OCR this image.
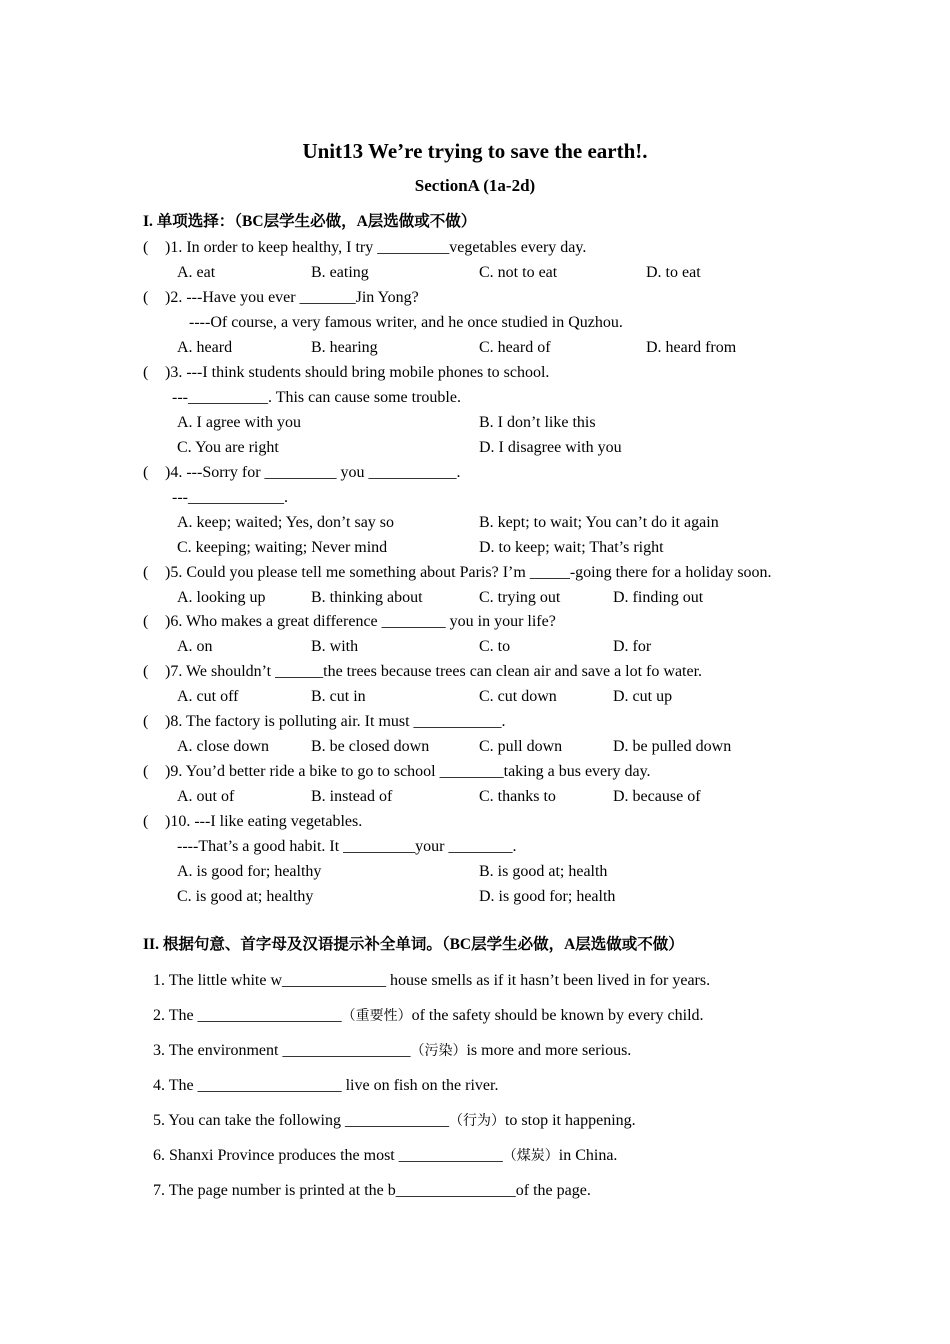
Unit13 We’re trying to save the earth!.
SectionA (1a-2d)
I. 单项选择：（BC层学生必做，A层选做或不做）
( )1. In order to keep healthy, I try _________vegetables every day.
A. eat	B. eating	C. not to eat	D. to eat
( )2. ---Have you ever _______Jin Yong?
----Of course, a very famous writer, and he once studied in Quzhou.
A. heard	B. hearing	C. heard of	D. heard from
( )3. ---I think students should bring mobile phones to school.
---__________. This can cause some trouble.
A. I agree with you	B. I don’t like this
C. You are right	D. I disagree with you
( )4. ---Sorry for _________ you ___________.
---____________.
A. keep; waited; Yes, don’t say so	B. kept; to wait; You can’t do it again
C. keeping; waiting; Never mind	D. to keep; wait; That’s right
( )5. Could you please tell me something about Paris? I’m _____-going there for a holiday soon.
A. looking up	B. thinking about	C. trying out	D. finding out
( )6. Who makes a great difference ________ you in your life?
A. on	B. with	C. to	D. for
( )7. We shouldn’t ______the trees because trees can clean air and save a lot fo water.
A. cut off	B. cut in	C. cut down	D. cut up
( )8. The factory is polluting air. It must ___________.
A. close down	B. be closed down	C. pull down	D. be pulled down
( )9. You’d better ride a bike to go to school ________taking a bus every day.
A. out of	B. instead of	C. thanks to	D. because of
( )10. ---I like eating vegetables.
----That’s a good habit. It _________your ________.
A. is good for; healthy	B. is good at; health
C. is good at; healthy	D. is good for; health
II. 根据句意、首字母及汉语提示补全单词。（BC层学生必做，A层选做或不做）
1. The little white w_____________ house smells as if it hasn’t been lived in for years.
2. The __________________（重要性）of the safety should be known by every child.
3. The environment ________________（污染）is more and more serious.
4. The __________________ live on fish on the river.
5. You can take the following _____________（行为）to stop it happening.
6. Shanxi Province produces the most _____________（煤炭）in China.
7. The page number is printed at the b_______________of the page.
